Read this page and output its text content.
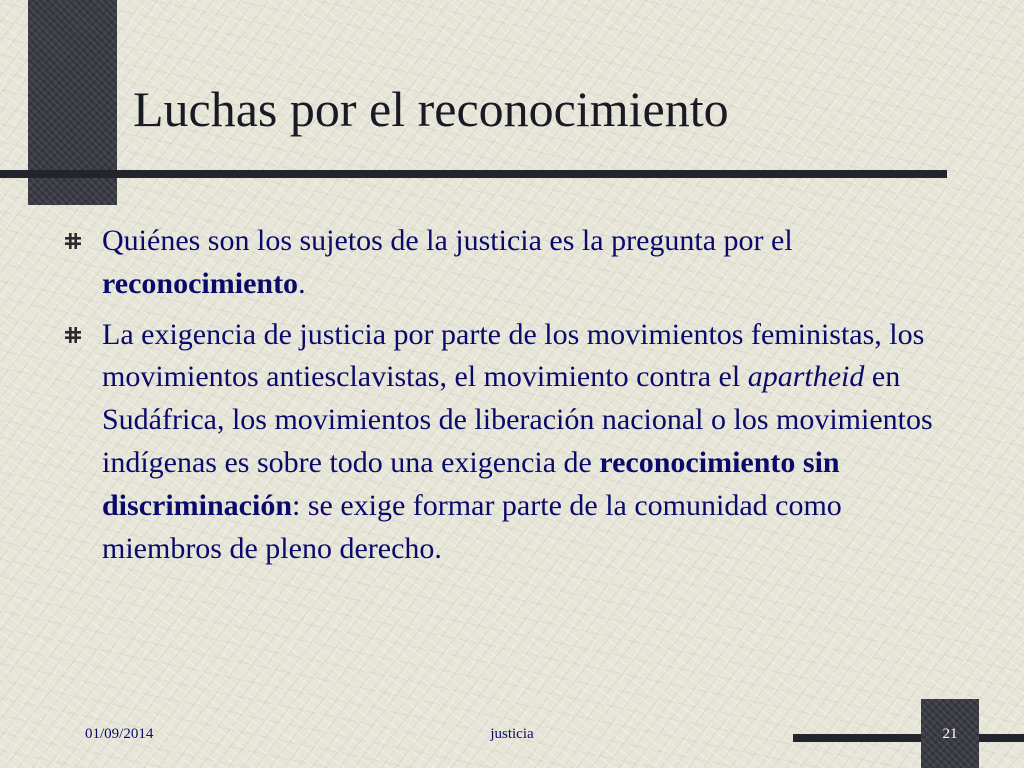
Luchas por el reconocimiento
Quiénes son los sujetos de la justicia es la pregunta por el reconocimiento.
La exigencia de justicia por parte de los movimientos feministas, los movimientos antiesclavistas, el movimiento contra el apartheid en Sudáfrica, los movimientos de liberación nacional o los movimientos indígenas es sobre todo una exigencia de reconocimiento sin discriminación: se exige formar parte de la comunidad como miembros de pleno derecho.
01/09/2014	justicia	21
